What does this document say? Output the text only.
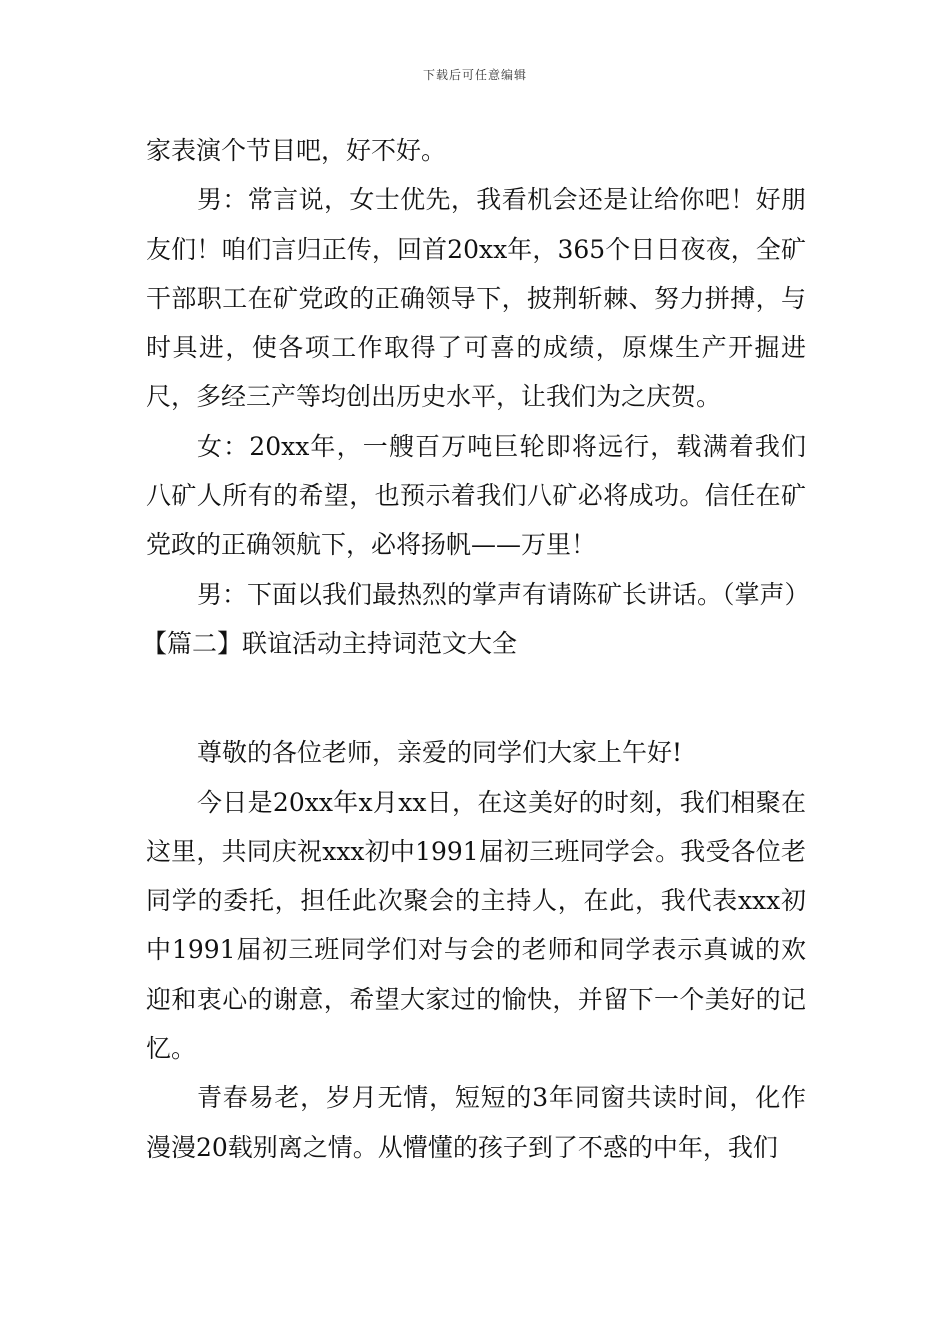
下载后可任意编辑

家表演个节目吧，好不好。

男：常言说，女士优先，我看机会还是让给你吧！好朋友们！咱们言归正传，回首20xx年，365个日日夜夜，全矿干部职工在矿党政的正确领导下，披荆斩棘、努力拼搏，与时具进，使各项工作取得了可喜的成绩，原煤生产开掘进尺，多经三产等均创出历史水平，让我们为之庆贺。

女：20xx年，一艘百万吨巨轮即将远行，载满着我们八矿人所有的希望，也预示着我们八矿必将成功。信任在矿党政的正确领航下，必将扬帆——万里！

男：下面以我们最热烈的掌声有请陈矿长讲话。（掌声）

【篇二】联谊活动主持词范文大全

尊敬的各位老师，亲爱的同学们大家上午好!

今日是20xx年x月xx日，在这美好的时刻，我们相聚在这里，共同庆祝xxx初中1991届初三班同学会。我受各位老同学的委托，担任此次聚会的主持人，在此，我代表xxx初中1991届初三班同学们对与会的老师和同学表示真诚的欢迎和衷心的谢意，希望大家过的愉快，并留下一个美好的记忆。

青春易老，岁月无情，短短的3年同窗共读时间，化作漫漫20载别离之情。从懵懂的孩子到了不惑的中年，我们
